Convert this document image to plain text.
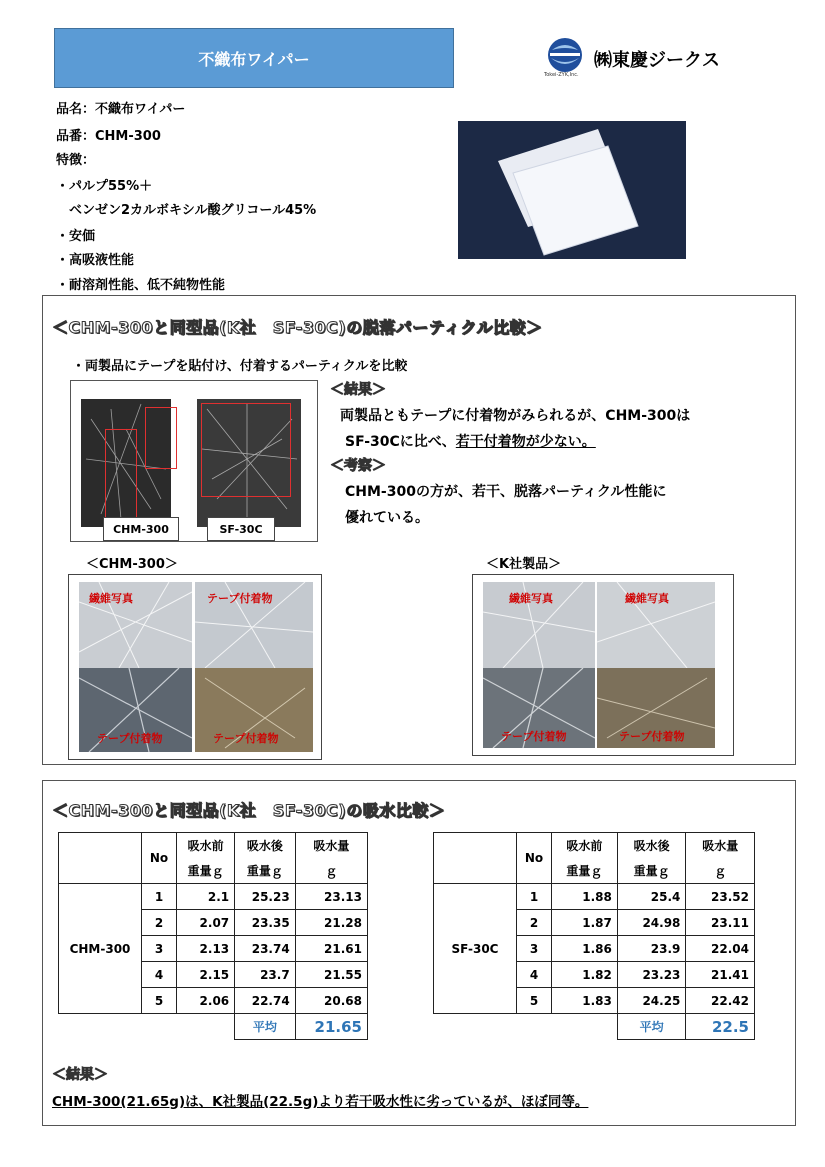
不織布ワイパー
Tokei-ZYK,Inc.
㈱東慶ジークス
品名：不織布ワイパー
品番：CHM-300
特徴：
・パルプ55%＋
　ベンゼン2カルボキシル酸グリコール45%
・安価
・高吸液性能
・耐溶剤性能、低不純物性能
＜CHM-300と同型品(K社　SF-30C)の脱落パーティクル比較＞
・両製品にテープを貼付け、付着するパーティクルを比較
CHM-300	SF-30C
＜結果＞
両製品ともテープに付着物がみられるが、CHM-300は
SF-30Cに比べ、若干付着物が少ない。
＜考察＞
CHM-300の方が、若干、脱落パーティクル性能に
優れている。
＜CHM-300＞	＜K社製品＞
繊維写真	テープ付着物
テープ付着物	テープ付着物
繊維写真	繊維写真
テープ付着物	テープ付着物
＜CHM-300と同型品(K社　SF-30C)の吸水比較＞
	No	吸水前	吸水後	吸水量
		重量ｇ	重量ｇ	ｇ
CHM-300	1	2.1	25.23	23.13
	2	2.07	23.35	21.28
	3	2.13	23.74	21.61
	4	2.15	23.7	21.55
	5	2.06	22.74	20.68
			平均	21.65
	No	吸水前	吸水後	吸水量
		重量ｇ	重量ｇ	ｇ
SF-30C	1	1.88	25.4	23.52
	2	1.87	24.98	23.11
	3	1.86	23.9	22.04
	4	1.82	23.23	21.41
	5	1.83	24.25	22.42
			平均	22.5
＜結果＞
CHM-300(21.65g)は、K社製品(22.5g)より若干吸水性に劣っているが、ほぼ同等。
